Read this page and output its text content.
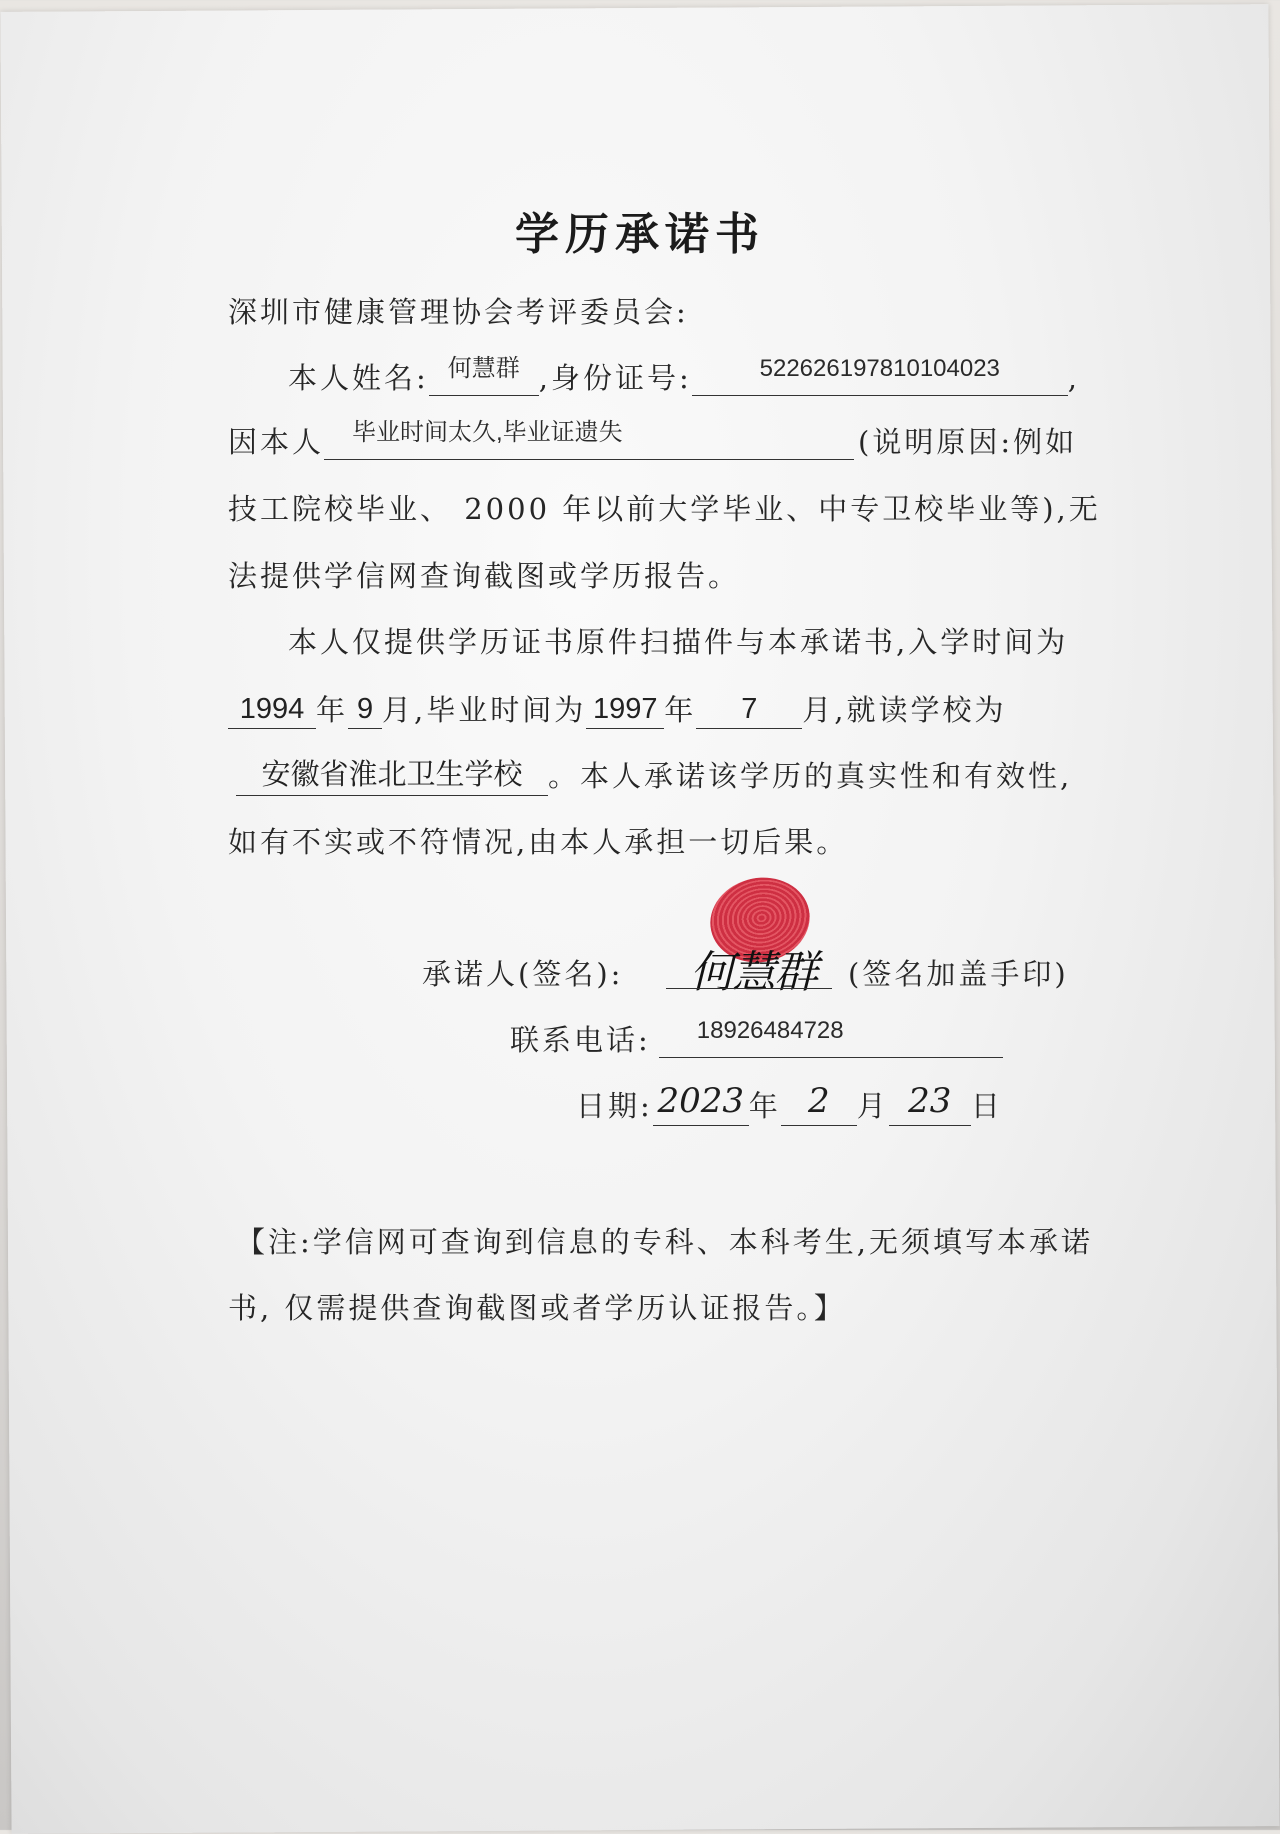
学历承诺书
深圳市健康管理协会考评委员会:
本人姓名: 何慧群 ,身份证号:	522626197810104023 ,
因本人 毕业时间太久,毕业证遗失	(说明原因:例如
技工院校毕业、 2000 年以前大学毕业、中专卫校毕业等),无
法提供学信网查询截图或学历报告。
本人仅提供学历证书原件扫描件与本承诺书,入学时间为
1994 年 9 月,毕业时间为 1997 年 7 月,就读学校为
安徽省淮北卫生学校 。本人承诺该学历的真实性和有效性,
如有不实或不符情况,由本人承担一切后果。
承诺人(签名): 何慧群 (签名加盖手印)
联系电话: 18926484728
日期: 2023 年 2 月 23 日
【注:学信网可查询到信息的专科、本科考生,无须填写本承诺
书, 仅需提供查询截图或者学历认证报告。】
